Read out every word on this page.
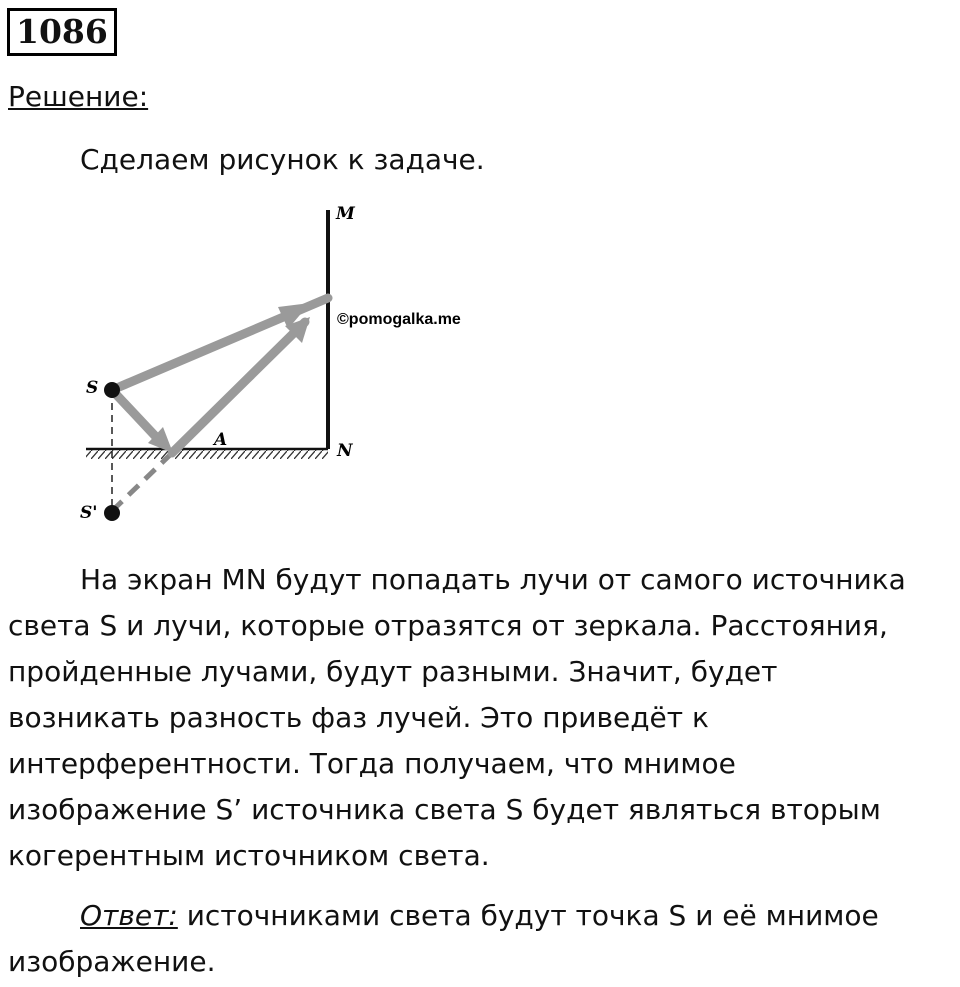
1086
Решение:
Сделаем рисунок к задаче.
M
N
S
S'
A
©pomogalka.me
На экран MN будут попадать лучи от самого источника
света S и лучи, которые отразятся от зеркала. Расстояния,
пройденные лучами, будут разными. Значит, будет
возникать разность фаз лучей. Это приведёт к
интерферентности. Тогда получаем, что мнимое
изображение S’ источника света S будет являться вторым
когерентным источником света.
Ответ: источниками света будут точка S и её мнимое
изображение.
